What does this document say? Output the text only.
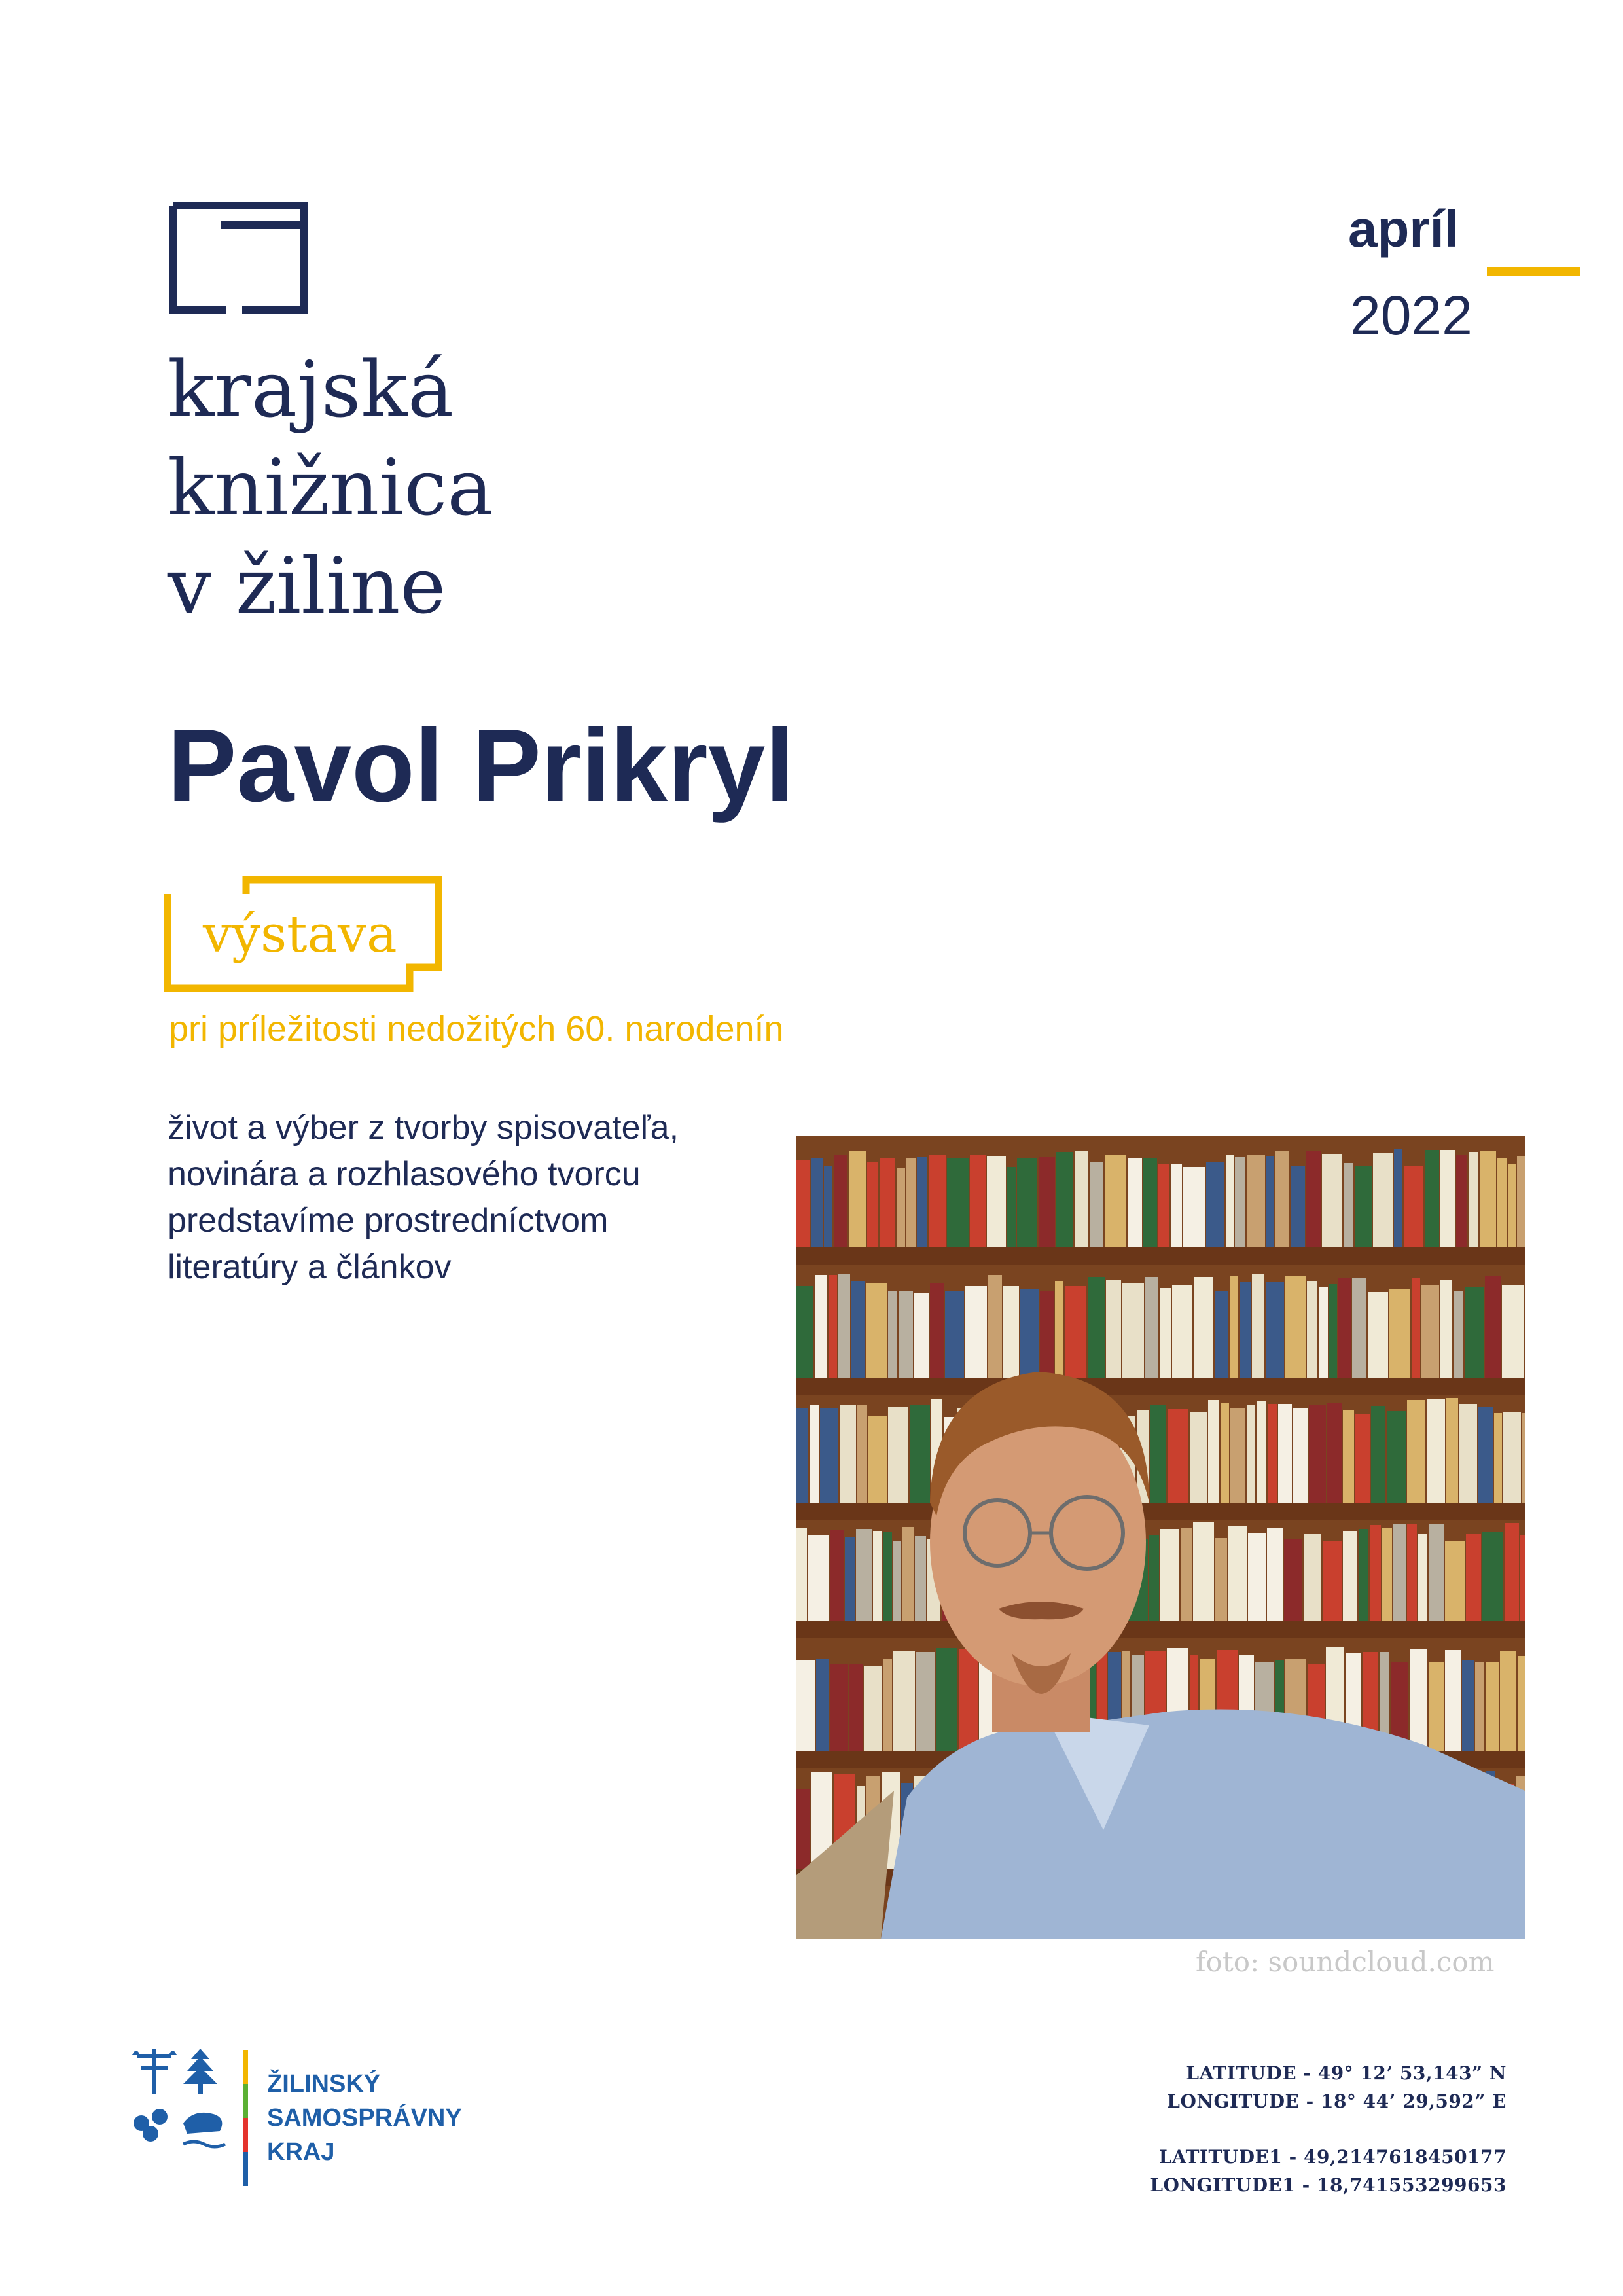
krajská
knižnica
v žiline
apríl
2022
Pavol Prikryl
výstava
pri príležitosti nedožitých 60. narodenín

život a výber z tvorby spisovateľa,
novinára a rozhlasového tvorcu
predstavíme prostredníctvom
literatúry a článkov

foto: soundcloud.com
ŽILINSKÝ
SAMOSPRÁVNY
KRAJ
LATITUDE - 49° 12’ 53,143” N
LONGITUDE - 18° 44’ 29,592” E
LATITUDE1 - 49,2147618450177
LONGITUDE1 - 18,741553299653
